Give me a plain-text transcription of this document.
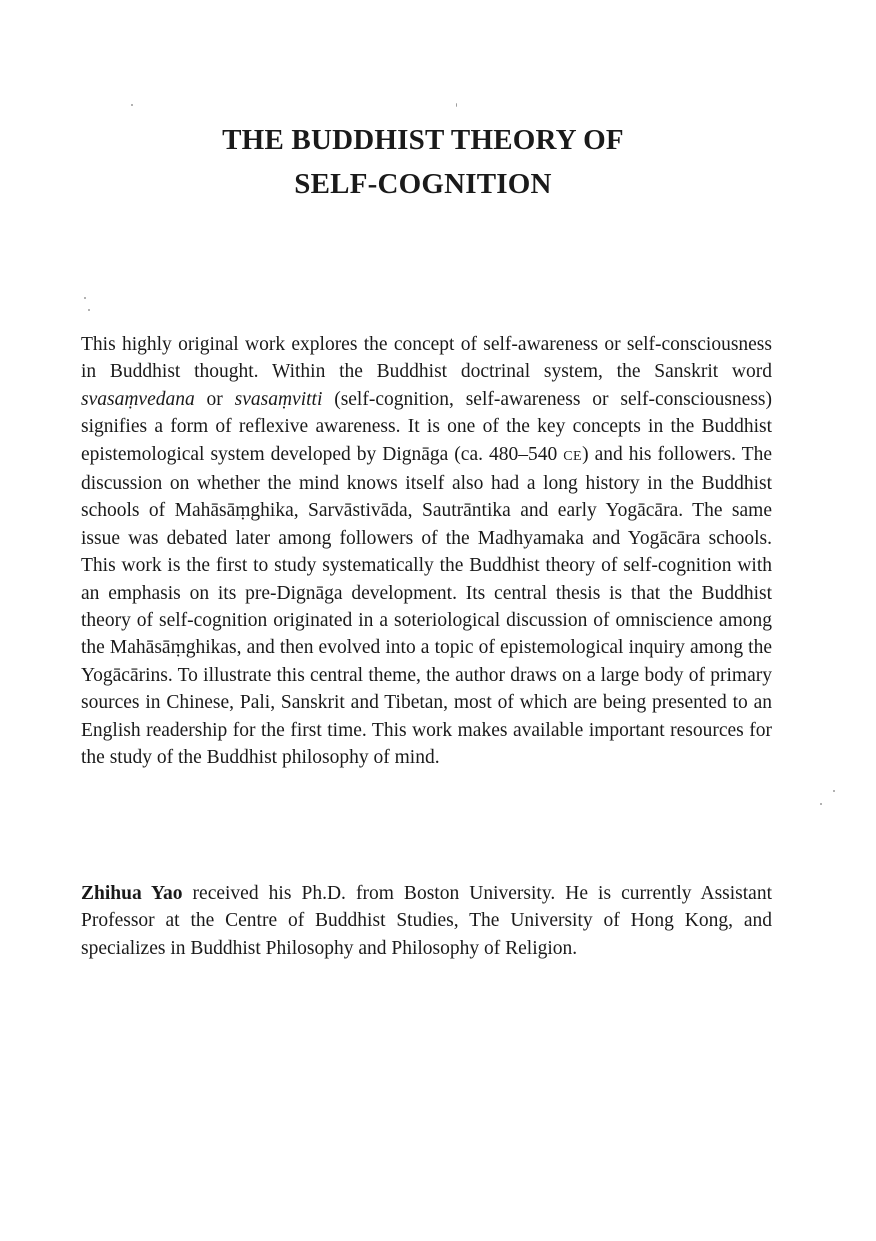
THE BUDDHIST THEORY OF
SELF-COGNITION

This highly original work explores the concept of self-awareness or self-consciousness in Buddhist thought. Within the Buddhist doctrinal system, the Sanskrit word svasaṃvedana or svasaṃvitti (self-cognition, self-awareness or self-consciousness) signifies a form of reflexive awareness. It is one of the key concepts in the Buddhist epistemological system developed by Dignāga (ca. 480–540 CE) and his followers. The discussion on whether the mind knows itself also had a long history in the Buddhist schools of Mahāsāṃghika, Sarvāstivāda, Sautrāntika and early Yogācāra. The same issue was debated later among followers of the Madhyamaka and Yogācāra schools. This work is the first to study systematically the Buddhist theory of self-cognition with an emphasis on its pre-Dignāga development. Its central thesis is that the Buddhist theory of self-cognition originated in a soteriological discussion of omniscience among the Mahāsāṃghikas, and then evolved into a topic of epistemological inquiry among the Yogācārins. To illustrate this central theme, the author draws on a large body of primary sources in Chinese, Pali, Sanskrit and Tibetan, most of which are being presented to an English readership for the first time. This work makes available important resources for the study of the Buddhist philosophy of mind.

Zhihua Yao received his Ph.D. from Boston University. He is currently Assistant Professor at the Centre of Buddhist Studies, The University of Hong Kong, and specializes in Buddhist Philosophy and Philosophy of Religion.
